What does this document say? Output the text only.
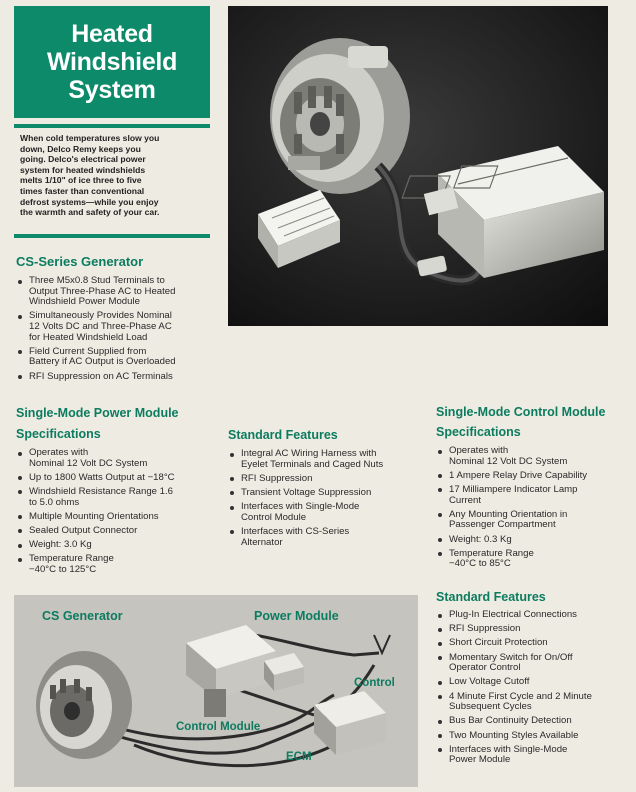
Heated
Windshield
System
When cold temperatures slow you
down, Delco Remy keeps you
going. Delco's electrical power
system for heated windshields
melts 1/10" of ice three to five
times faster than conventional
defrost systems—while you enjoy
the warmth and safety of your car.
CS-Series Generator
Three M5x0.8 Stud Terminals to
Output Three-Phase AC to Heated
Windshield Power Module
Simultaneously Provides Nominal
12 Volts DC and Three-Phase AC
for Heated Windshield Load
Field Current Supplied from
Battery if AC Output is Overloaded
RFI Suppression on AC Terminals
Single-Mode Power Module
Specifications
Operates with
Nominal 12 Volt DC System
Up to 1800 Watts Output at −18°C
Windshield Resistance Range 1.6
to 5.0 ohms
Multiple Mounting Orientations
Sealed Output Connector
Weight: 3.0 Kg
Temperature Range
−40°C to 125°C
Standard Features
Integral AC Wiring Harness with
Eyelet Terminals and Caged Nuts
RFI Suppression
Transient Voltage Suppression
Interfaces with Single-Mode
Control Module
Interfaces with CS-Series
Alternator
Single-Mode Control Module
Specifications
Operates with
Nominal 12 Volt DC System
1 Ampere Relay Drive Capability
17 Milliampere Indicator Lamp
Current
Any Mounting Orientation in
Passenger Compartment
Weight: 0.3 Kg
Temperature Range
−40°C to 85°C
Standard Features
Plug-In Electrical Connections
RFI Suppression
Short Circuit Protection
Momentary Switch for On/Off
Operator Control
Low Voltage Cutoff
4 Minute First Cycle and 2 Minute
Subsequent Cycles
Bus Bar Continuity Detection
Two Mounting Styles Available
Interfaces with Single-Mode
Power Module
CS Generator	Power Module
Control
Control Module
ECM
